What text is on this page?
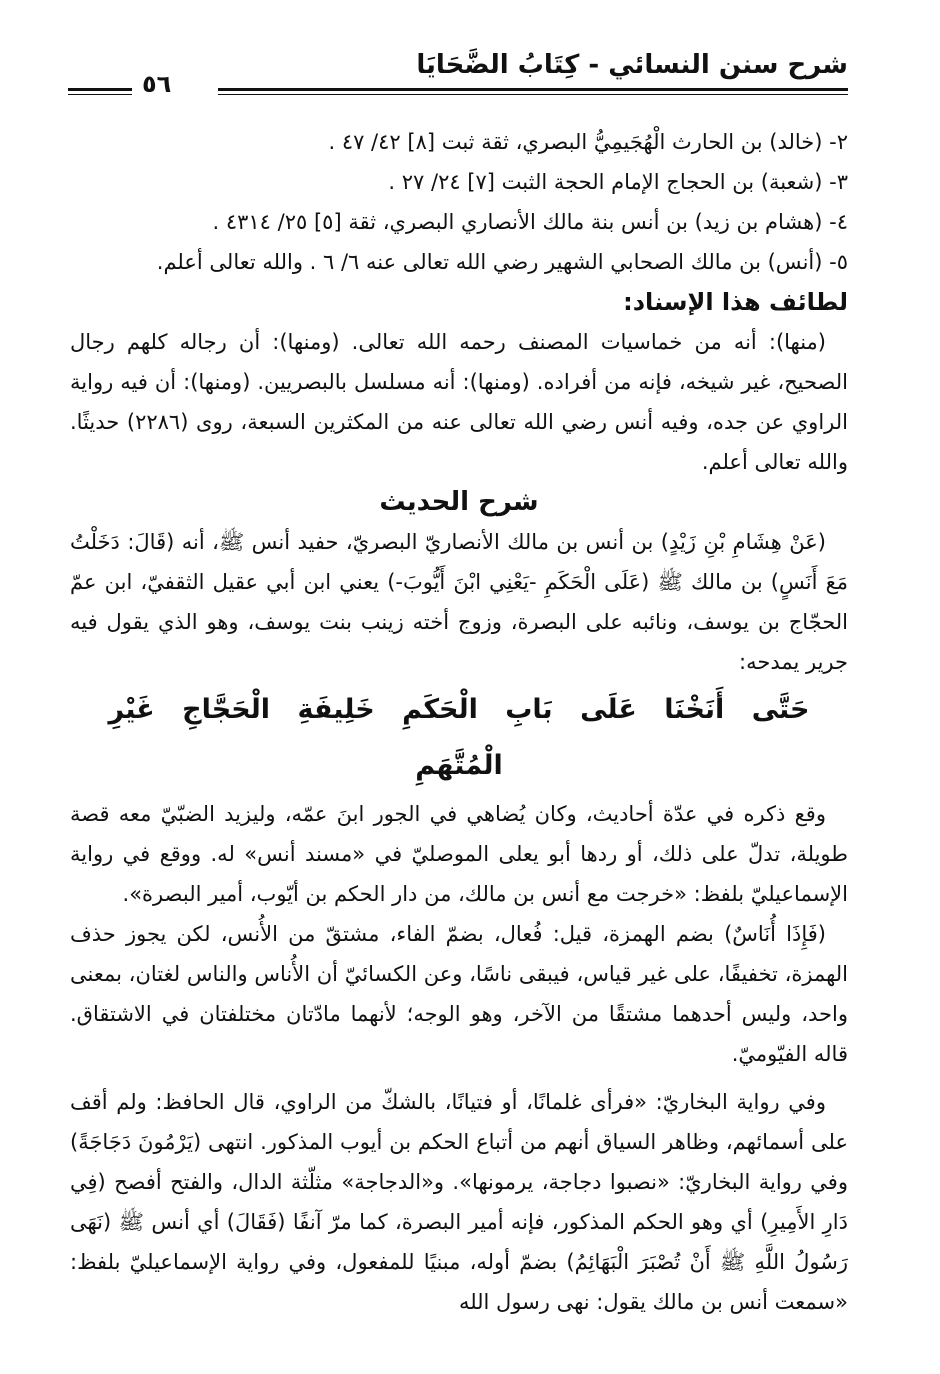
شرح سنن النسائي - كِتَابُ الضَّحَايَا
٥٦

٢- (خالد) بن الحارث الْهُجَيمِيُّ البصري، ثقة ثبت [٨] ٤٢/ ٤٧ .

٣- (شعبة) بن الحجاج الإمام الحجة الثبت [٧] ٢٤/ ٢٧ .

٤- (هشام بن زيد) بن أنس بنة مالك الأنصاري البصري، ثقة [٥] ٢٥/ ٤٣١٤ .

٥- (أنس) بن مالك الصحابي الشهير رضي الله تعالى عنه ٦/ ٦ . والله تعالى أعلم.

لطائف هذا الإسناد:

(منها): أنه من خماسيات المصنف رحمه الله تعالى. (ومنها): أن رجاله كلهم رجال الصحيح، غير شيخه، فإنه من أفراده. (ومنها): أنه مسلسل بالبصريين. (ومنها): أن فيه رواية الراوي عن جده، وفيه أنس رضي الله تعالى عنه من المكثرين السبعة، روى (٢٢٨٦) حديثًا. والله تعالى أعلم.

شرح الحديث

(عَنْ هِشَامِ بْنِ زَيْدٍ) بن أنس بن مالك الأنصاريّ البصريّ، حفيد أنس ﷺ، أنه (قَالَ: دَخَلْتُ مَعَ أَنَسٍ) بن مالك ﷺ (عَلَى الْحَكَمِ -يَعْنِي ابْنَ أَيُّوبَ-) يعني ابن أبي عقيل الثقفيّ، ابن عمّ الحجّاج بن يوسف، ونائبه على البصرة، وزوج أخته زينب بنت يوسف، وهو الذي يقول فيه جرير يمدحه:

حَتَّى أَنَخْنَا عَلَى بَابِ الْحَكَمِ خَلِيفَةِ الْحَجَّاجِ غَيْرِ الْمُتَّهَمِ

وقع ذكره في عدّة أحاديث، وكان يُضاهي في الجور ابنَ عمّه، وليزيد الضبّيّ معه قصة طويلة، تدلّ على ذلك، أو ردها أبو يعلى الموصليّ في «مسند أنس» له. ووقع في رواية الإسماعيليّ بلفظ: «خرجت مع أنس بن مالك، من دار الحكم بن أيّوب، أمير البصرة».

(فَإِذَا أُنَاسٌ) بضم الهمزة، قيل: فُعال، بضمّ الفاء، مشتقّ من الأُنس، لكن يجوز حذف الهمزة، تخفيفًا، على غير قياس، فيبقى ناسًا، وعن الكسائيّ أن الأُناس والناس لغتان، بمعنى واحد، وليس أحدهما مشتقًا من الآخر، وهو الوجه؛ لأنهما مادّتان مختلفتان في الاشتقاق. قاله الفيّوميّ.

وفي رواية البخاريّ: «فرأى غلمانًا، أو فتيانًا، بالشكّ من الراوي، قال الحافظ: ولم أقف على أسمائهم، وظاهر السياق أنهم من أتباع الحكم بن أيوب المذكور. انتهى (يَرْمُونَ دَجَاجَةً) وفي رواية البخاريّ: «نصبوا دجاجة، يرمونها». و«الدجاجة» مثلّثة الدال، والفتح أفصح (فِي دَارِ الأَمِيرِ) أي وهو الحكم المذكور، فإنه أمير البصرة، كما مرّ آنفًا (فَقَالَ) أي أنس ﷺ (نَهَى رَسُولُ اللَّهِ ﷺ أَنْ تُصْبَرَ الْبَهَائِمُ) بضمّ أوله، مبنيًا للمفعول، وفي رواية الإسماعيليّ بلفظ: «سمعت أنس بن مالك يقول: نهى رسول الله
